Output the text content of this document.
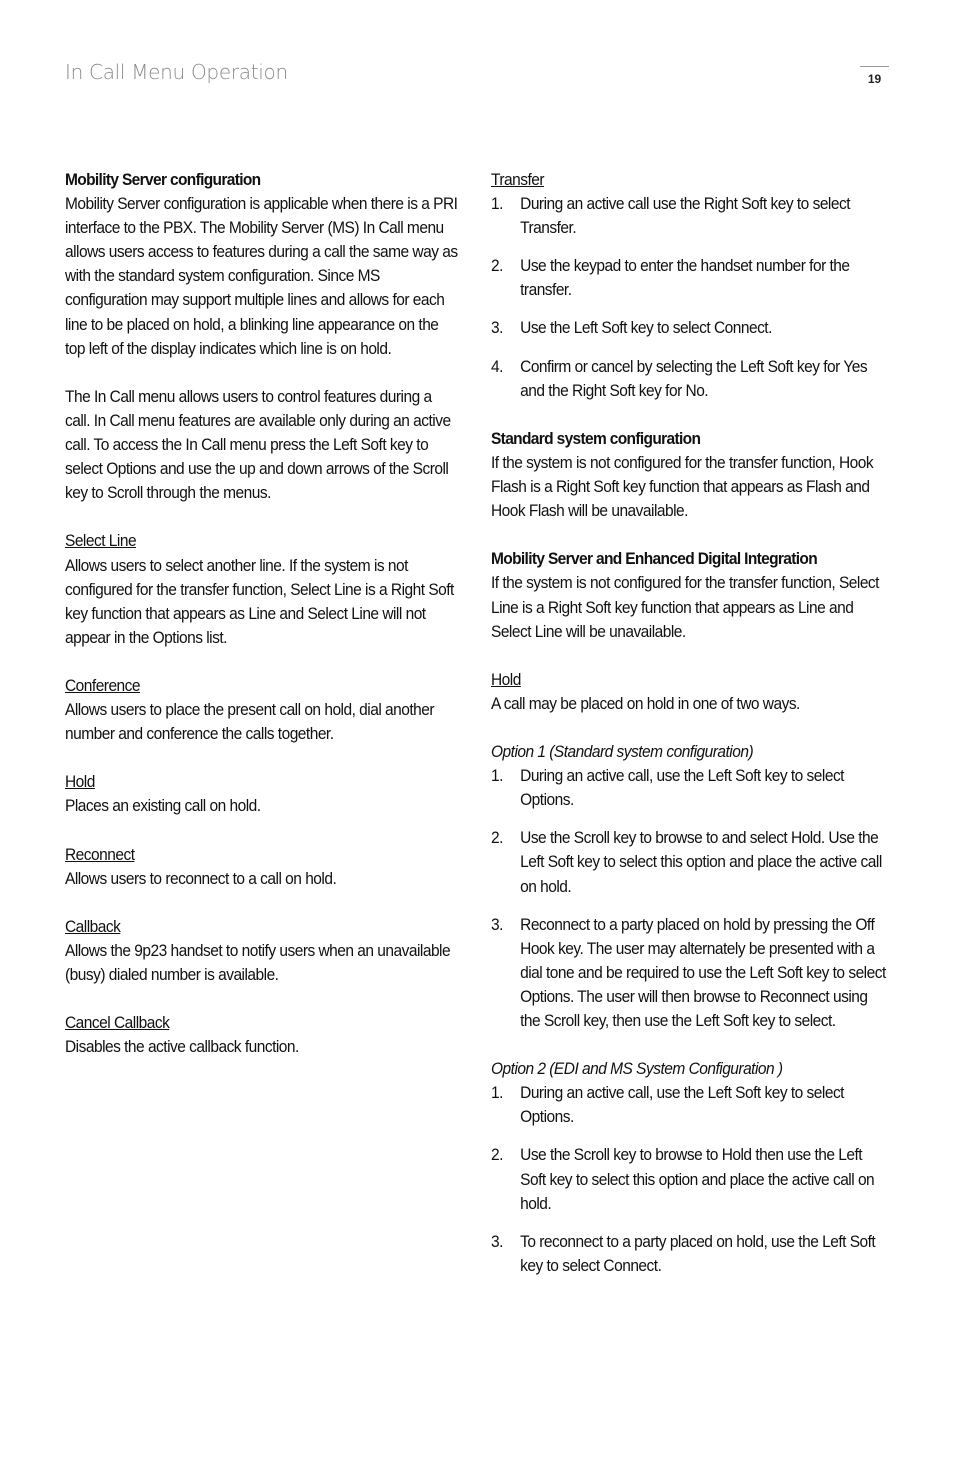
In Call Menu Operation	19

Mobility Server configuration

Mobility Server configuration is applicable when there is a PRI interface to the PBX. The Mobility Server (MS) In Call menu allows users access to features during a call the same way as with the standard system configuration. Since MS configuration may support multiple lines and allows for each line to be placed on hold, a blinking line appearance on the top left of the display indicates which line is on hold.

The In Call menu allows users to control features during a call. In Call menu features are available only during an active call. To access the In Call menu press the Left Soft key to select Options and use the up and down arrows of the Scroll key to Scroll through the menus.

Select Line

Allows users to select another line. If the system is not configured for the transfer function, Select Line is a Right Soft key function that appears as Line and Select Line will not appear in the Options list.

Conference

Allows users to place the present call on hold, dial another number and conference the calls together.

Hold

Places an existing call on hold.

Reconnect

Allows users to reconnect to a call on hold.

Callback

Allows the 9p23 handset to notify users when an unavailable (busy) dialed number is available.

Cancel Callback

Disables the active callback function.

Transfer

1. During an active call use the Right Soft key to select Transfer.
2. Use the keypad to enter the handset number for the transfer.
3. Use the Left Soft key to select Connect.
4. Confirm or cancel by selecting the Left Soft key for Yes and the Right Soft key for No.

Standard system configuration

If the system is not configured for the transfer function, Hook Flash is a Right Soft key function that appears as Flash and Hook Flash will be unavailable.

Mobility Server and Enhanced Digital Integration

If the system is not configured for the transfer function, Select Line is a Right Soft key function that appears as Line and Select Line will be unavailable.

Hold

A call may be placed on hold in one of two ways.

Option 1 (Standard system configuration)

1. During an active call, use the Left Soft key to select Options.
2. Use the Scroll key to browse to and select Hold. Use the Left Soft key to select this option and place the active call on hold.
3. Reconnect to a party placed on hold by pressing the Off Hook key. The user may alternately be presented with a dial tone and be required to use the Left Soft key to select Options. The user will then browse to Reconnect using the Scroll key, then use the Left Soft key to select.

Option 2 (EDI and MS System Configuration )

1. During an active call, use the Left Soft key to select Options.
2. Use the Scroll key to browse to Hold then use the Left Soft key to select this option and place the active call on hold.
3. To reconnect to a party placed on hold, use the Left Soft key to select Connect.
